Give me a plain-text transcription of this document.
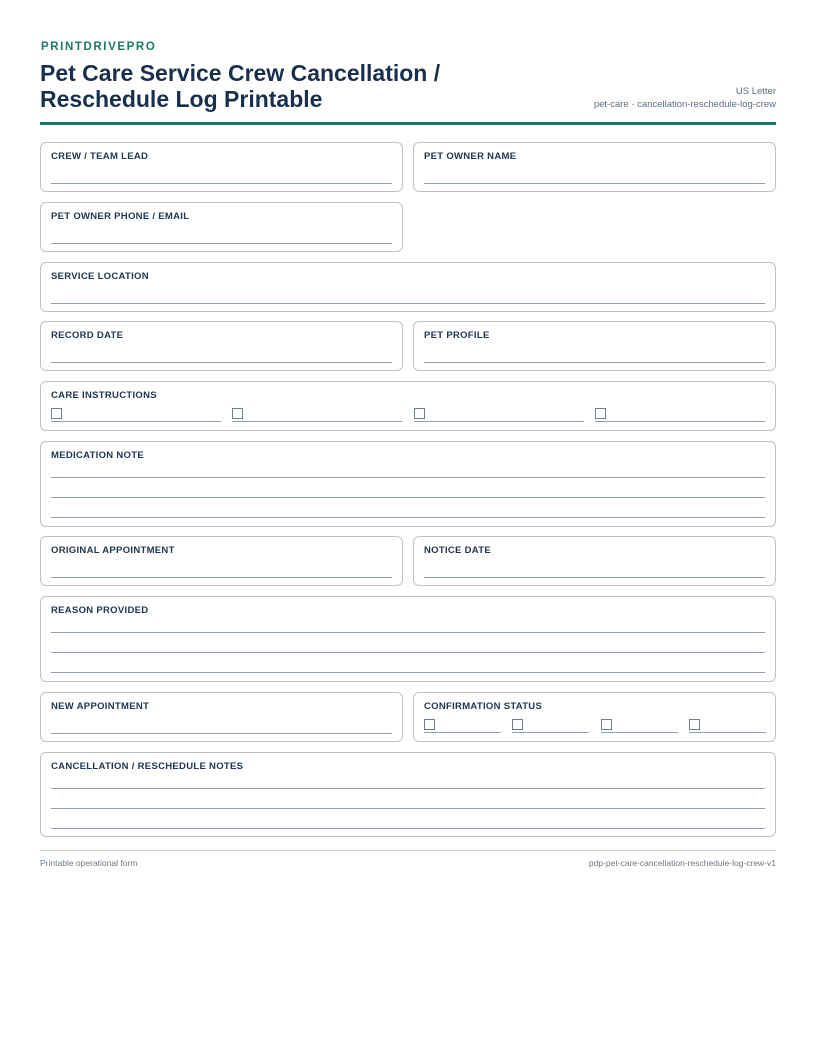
PRINTDRIVEPRO
Pet Care Service Crew Cancellation / Reschedule Log Printable	US Letter
pet-care · cancellation-reschedule-log-crew
CREW / TEAM LEAD	PET OWNER NAME
PET OWNER PHONE / EMAIL
SERVICE LOCATION
RECORD DATE	PET PROFILE
CARE INSTRUCTIONS
MEDICATION NOTE
ORIGINAL APPOINTMENT	NOTICE DATE
REASON PROVIDED
NEW APPOINTMENT	CONFIRMATION STATUS
CANCELLATION / RESCHEDULE NOTES
Printable operational form	pdp-pet-care-cancellation-reschedule-log-crew-v1
